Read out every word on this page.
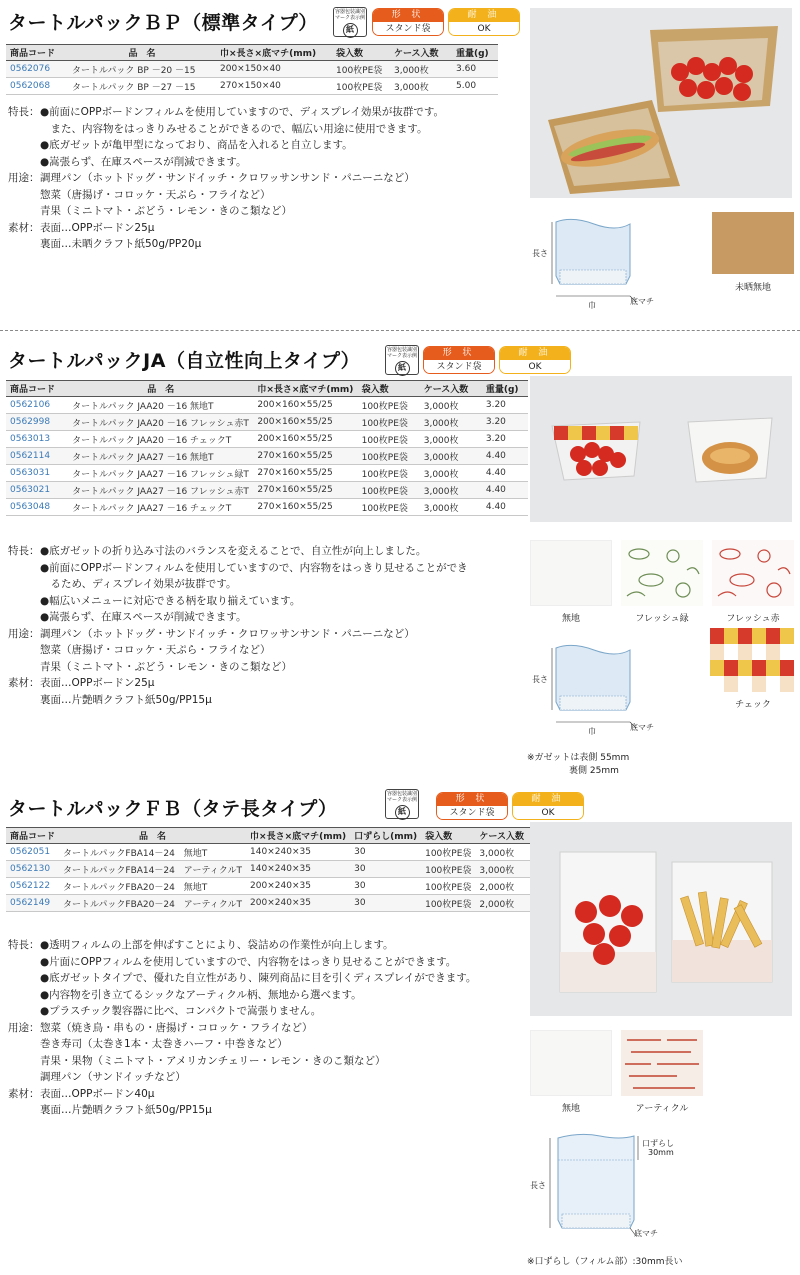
タートルパックＢＰ（標準タイプ）	容器包装識別マーク表示例
紙
形 状
スタンド袋
耐 油
OK
商品コード	品　名	巾×長さ×底マチ(mm)	袋入数	ケース入数	重量(g)
0562076	タートルパック BP －20 －15	200×150×40	100枚PE袋	3,000枚	3.60
0562068	タートルパック BP －27 －15	270×150×40	100枚PE袋	3,000枚	5.00
特長： ●前面にOPPボードンフィルムを使用していますので、ディスプレイ効果が抜群です。
　また、内容物をはっきりみせることができるので、幅広い用途に使用できます。
●底ガゼットが亀甲型になっており、商品を入れると自立します。
●嵩張らず、在庫スペースが削減できます。
用途： 調理パン（ホットドッグ・サンドイッチ・クロワッサンサンド・パニーニなど）
惣菜（唐揚げ・コロッケ・天ぷら・フライなど）
青果（ミニトマト・ぶどう・レモン・きのこ類など）
素材： 表面…OPPボードン25μ
裏面…未晒クラフト紙50g/PP20μ
長さ
巾	底マチ
未晒無地
タートルパックJA（自立性向上タイプ）	容器包装識別マーク表示例
紙
形 状
スタンド袋
耐 油
OK
商品コード	品　名	巾×長さ×底マチ(mm)	袋入数	ケース入数	重量(g)
0562106	タートルパック JAA20 －16 無地T	200×160×55/25	100枚PE袋	3,000枚	3.20
0562998	タートルパック JAA20 －16 フレッシュ赤T	200×160×55/25	100枚PE袋	3,000枚	3.20
0563013	タートルパック JAA20 －16 チェックT	200×160×55/25	100枚PE袋	3,000枚	3.20
0562114	タートルパック JAA27 －16 無地T	270×160×55/25	100枚PE袋	3,000枚	4.40
0563031	タートルパック JAA27 －16 フレッシュ緑T	270×160×55/25	100枚PE袋	3,000枚	4.40
0563021	タートルパック JAA27 －16 フレッシュ赤T	270×160×55/25	100枚PE袋	3,000枚	4.40
0563048	タートルパック JAA27 －16 チェックT	270×160×55/25	100枚PE袋	3,000枚	4.40
特長： ●底ガゼットの折り込み寸法のバランスを変えることで、自立性が向上しました。
●前面にOPPボードンフィルムを使用していますので、内容物をはっきり見せることができ
　るため、ディスプレイ効果が抜群です。
●幅広いメニューに対応できる柄を取り揃えています。
●嵩張らず、在庫スペースが削減できます。
用途： 調理パン（ホットドッグ・サンドイッチ・クロワッサンサンド・パニーニなど）
惣菜（唐揚げ・コロッケ・天ぷら・フライなど）
青果（ミニトマト・ぶどう・レモン・きのこ類など）
素材： 表面…OPPボードン25μ
裏面…片艶晒クラフト紙50g/PP15μ
無地	フレッシュ緑	フレッシュ赤
チェック
長さ
巾	底マチ
※ガゼットは表側 55mm
裏側 25mm
タートルパックＦＢ（タテ長タイプ）
容器包装識別マーク表示例
紙
形 状
スタンド袋
耐 油
OK
商品コード	品　名	巾×長さ×底マチ(mm)	口ずらし(mm)	袋入数	ケース入数	
0562051	タートルパックFBA14－24　無地T	140×240×35	30	100枚PE袋	3,000枚	
0562130	タートルパックFBA14－24　アーティクルT	140×240×35	30	100枚PE袋	3,000枚	
0562122	タートルパックFBA20－24　無地T	200×240×35	30	100枚PE袋	2,000枚	
0562149	タートルパックFBA20－24　アーティクルT	200×240×35	30	100枚PE袋	2,000枚	
特長： ●透明フィルムの上部を伸ばすことにより、袋詰めの作業性が向上します。
●片面にOPPフィルムを使用していますので、内容物をはっきり見せることができます。
●底ガゼットタイプで、優れた自立性があり、陳列商品に目を引くディスプレイができます。
●内容物を引き立てるシックなアーティクル柄、無地から選べます。
●プラスチック製容器に比べ、コンパクトで嵩張りません。
用途： 惣菜（焼き鳥・串もの・唐揚げ・コロッケ・フライなど）
巻き寿司（太巻き1本・太巻きハーフ・中巻きなど）
青果・果物（ミニトマト・アメリカンチェリー・レモン・きのこ類など）
調理パン（サンドイッチなど）
素材： 表面…OPPボードン40μ
裏面…片艶晒クラフト紙50g/PP15μ	無地	アーティクル
長さ
口ずらし
30mm
底マチ
※口ずらし（フィルム部）:30mm長い
